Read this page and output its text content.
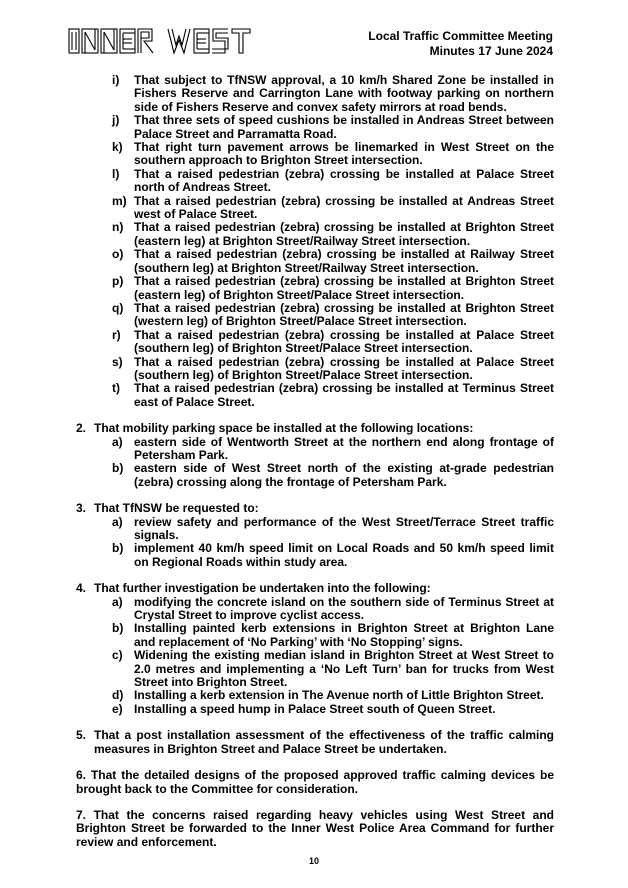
Local Traffic Committee Meeting
Minutes 17 June 2024
i) That subject to TfNSW approval, a 10 km/h Shared Zone be installed in Fishers Reserve and Carrington Lane with footway parking on northern side of Fishers Reserve and convex safety mirrors at road bends.
j) That three sets of speed cushions be installed in Andreas Street between Palace Street and Parramatta Road.
k) That right turn pavement arrows be linemarked in West Street on the southern approach to Brighton Street intersection.
l) That a raised pedestrian (zebra) crossing be installed at Palace Street north of Andreas Street.
m) That a raised pedestrian (zebra) crossing be installed at Andreas Street west of Palace Street.
n) That a raised pedestrian (zebra) crossing be installed at Brighton Street (eastern leg) at Brighton Street/Railway Street intersection.
o) That a raised pedestrian (zebra) crossing be installed at Railway Street (southern leg) at Brighton Street/Railway Street intersection.
p) That a raised pedestrian (zebra) crossing be installed at Brighton Street (eastern leg) of Brighton Street/Palace Street intersection.
q) That a raised pedestrian (zebra) crossing be installed at Brighton Street (western leg) of Brighton Street/Palace Street intersection.
r) That a raised pedestrian (zebra) crossing be installed at Palace Street (southern leg) of Brighton Street/Palace Street intersection.
s) That a raised pedestrian (zebra) crossing be installed at Palace Street (southern leg) of Brighton Street/Palace Street intersection.
t) That a raised pedestrian (zebra) crossing be installed at Terminus Street east of Palace Street.
2. That mobility parking space be installed at the following locations:
a) eastern side of Wentworth Street at the northern end along frontage of Petersham Park.
b) eastern side of West Street north of the existing at-grade pedestrian (zebra) crossing along the frontage of Petersham Park.
3. That TfNSW be requested to:
a) review safety and performance of the West Street/Terrace Street traffic signals.
b) implement 40 km/h speed limit on Local Roads and 50 km/h speed limit on Regional Roads within study area.
4. That further investigation be undertaken into the following:
a) modifying the concrete island on the southern side of Terminus Street at Crystal Street to improve cyclist access.
b) Installing painted kerb extensions in Brighton Street at Brighton Lane and replacement of ‘No Parking’ with ‘No Stopping’ signs.
c) Widening the existing median island in Brighton Street at West Street to 2.0 metres and implementing a ‘No Left Turn’ ban for trucks from West Street into Brighton Street.
d) Installing a kerb extension in The Avenue north of Little Brighton Street.
e) Installing a speed hump in Palace Street south of Queen Street.
5. That a post installation assessment of the effectiveness of the traffic calming measures in Brighton Street and Palace Street be undertaken.
6. That the detailed designs of the proposed approved traffic calming devices be brought back to the Committee for consideration.
7. That the concerns raised regarding heavy vehicles using West Street and Brighton Street be forwarded to the Inner West Police Area Command for further review and enforcement.
10
